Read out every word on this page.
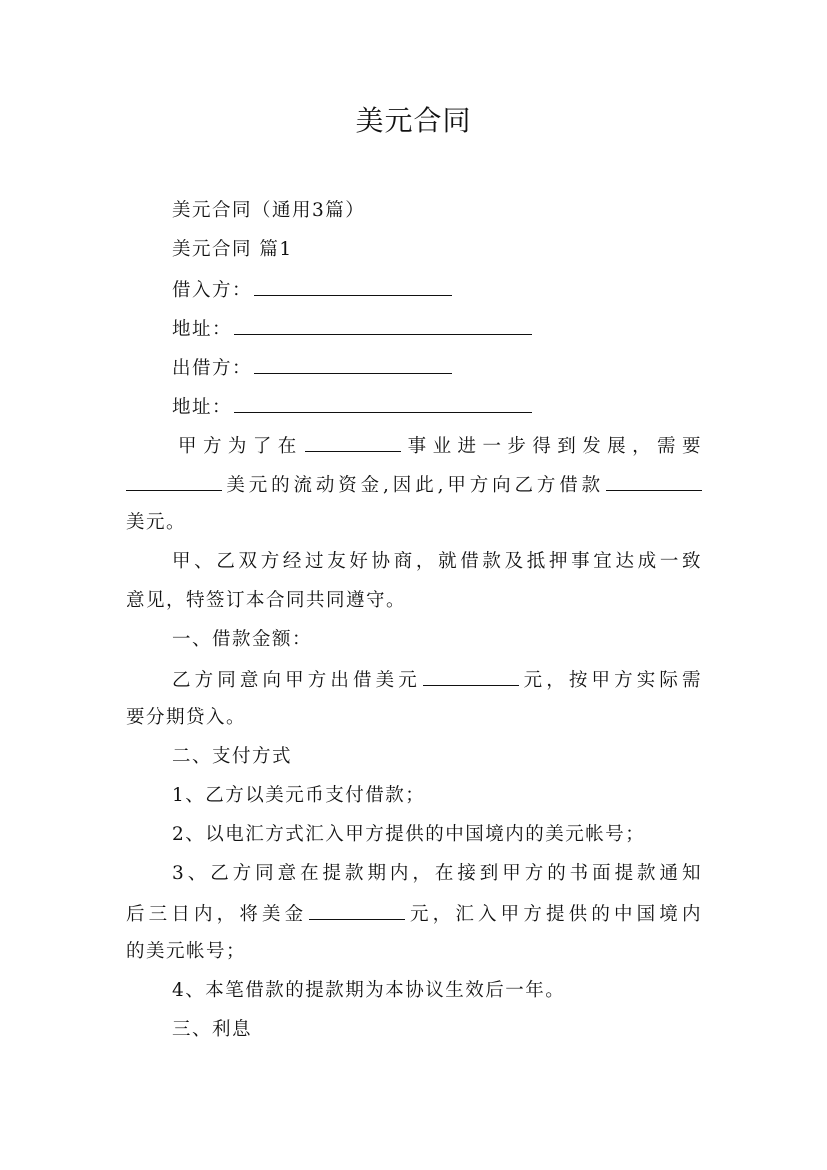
美元合同
美元合同（通用3篇）
美元合同 篇1
借入方：
地址：
出借方：
地址：
甲方为了在	事业进一步得到发展，需要
美元的流动资金,因此,甲方向乙方借款
美元。
甲、乙双方经过友好协商，就借款及抵押事宜达成一致
意见，特签订本合同共同遵守。
一、借款金额：
乙方同意向甲方出借美元	元，按甲方实际需
要分期贷入。
二、支付方式
1、乙方以美元币支付借款；
2、以电汇方式汇入甲方提供的中国境内的美元帐号；
3、乙方同意在提款期内，在接到甲方的书面提款通知
后三日内，将美金	元，汇入甲方提供的中国境内
的美元帐号；
4、本笔借款的提款期为本协议生效后一年。
三、利息
